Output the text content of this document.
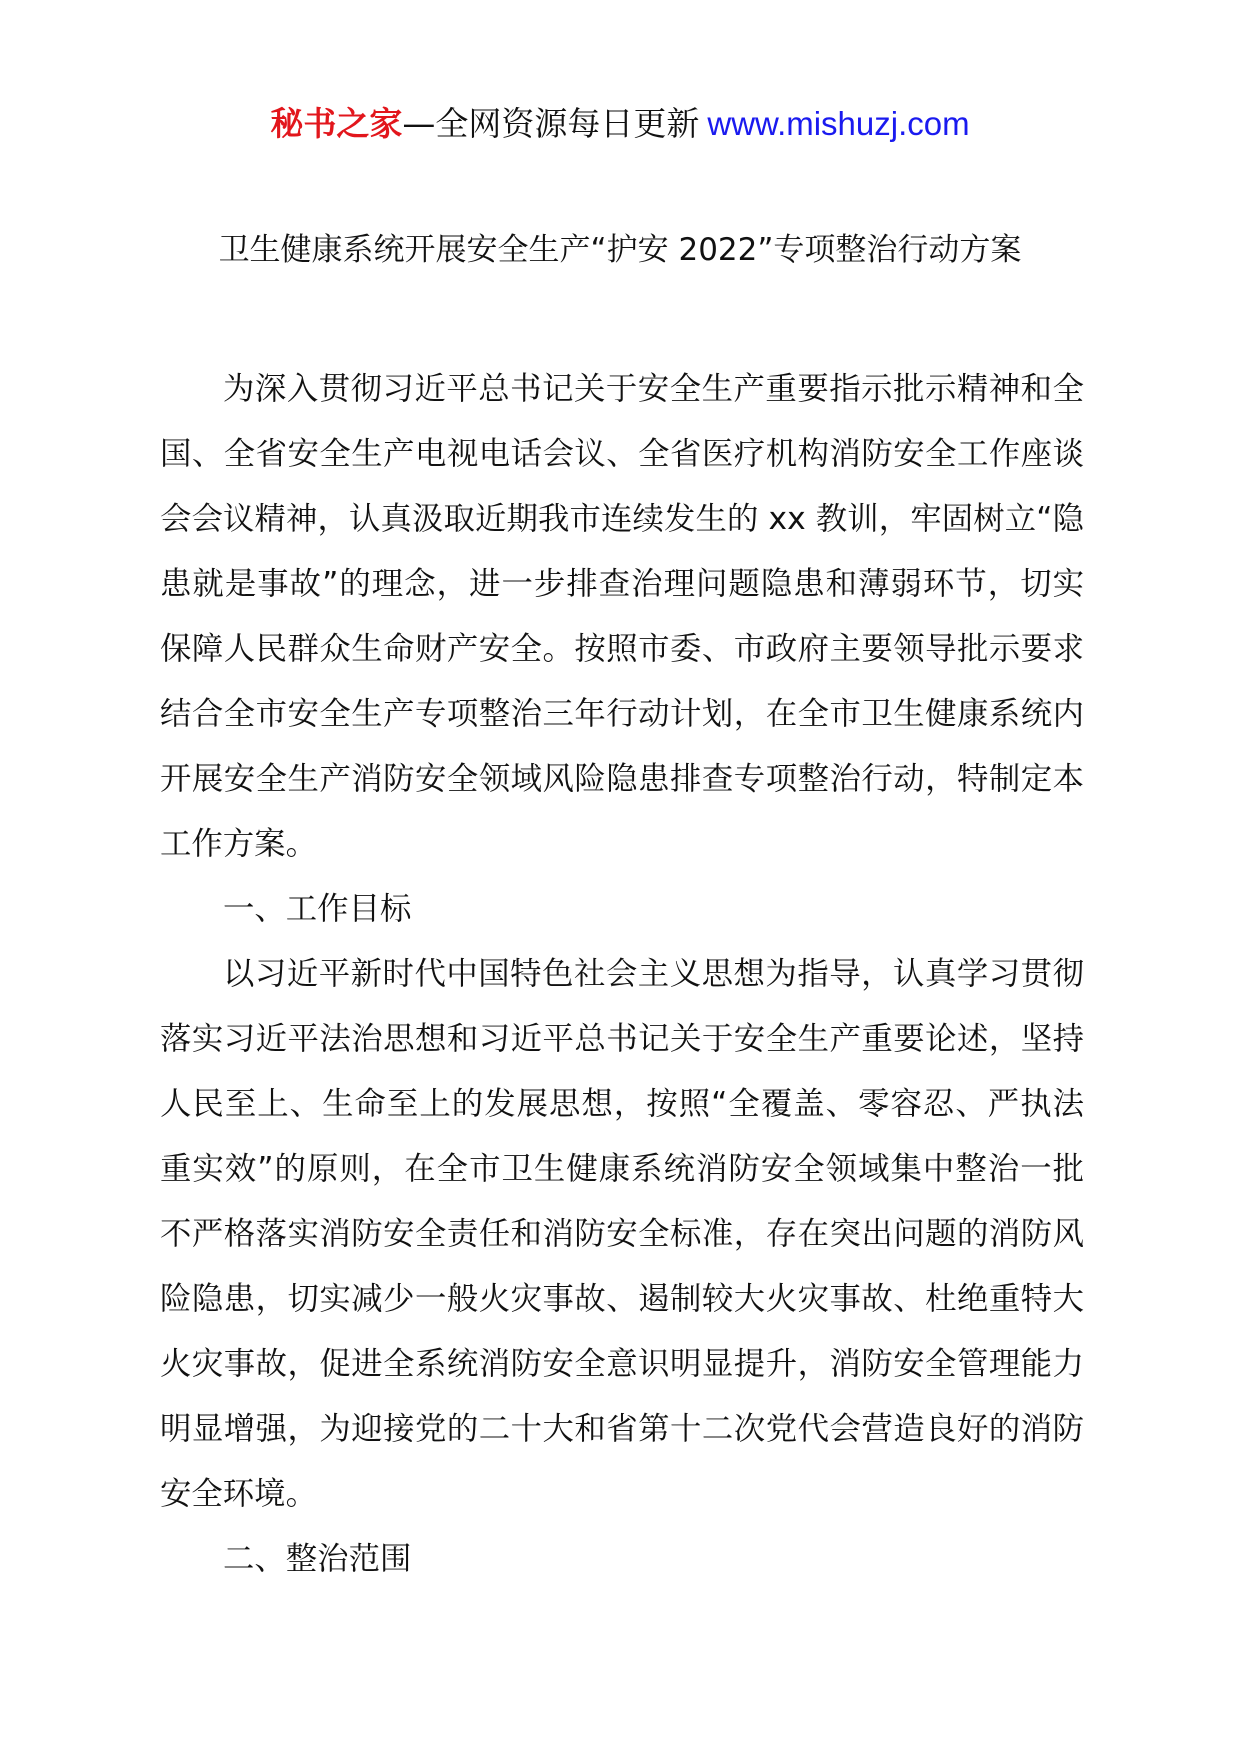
秘书之家—全网资源每日更新 www.mishuzj.com
卫生健康系统开展安全生产“护安 2022”专项整治行动方案
为深入贯彻习近平总书记关于安全生产重要指示批示精神和全
国、全省安全生产电视电话会议、全省医疗机构消防安全工作座谈
会会议精神，认真汲取近期我市连续发生的 xx 教训，牢固树立“隐
患就是事故”的理念，进一步排查治理问题隐患和薄弱环节，切实
保障人民群众生命财产安全。按照市委、市政府主要领导批示要求
结合全市安全生产专项整治三年行动计划，在全市卫生健康系统内
开展安全生产消防安全领域风险隐患排查专项整治行动，特制定本
工作方案。
一、工作目标
以习近平新时代中国特色社会主义思想为指导，认真学习贯彻
落实习近平法治思想和习近平总书记关于安全生产重要论述，坚持
人民至上、生命至上的发展思想，按照“全覆盖、零容忍、严执法
重实效”的原则，在全市卫生健康系统消防安全领域集中整治一批
不严格落实消防安全责任和消防安全标准，存在突出问题的消防风
险隐患，切实减少一般火灾事故、遏制较大火灾事故、杜绝重特大
火灾事故，促进全系统消防安全意识明显提升，消防安全管理能力
明显增强，为迎接党的二十大和省第十二次党代会营造良好的消防
安全环境。
二、整治范围
